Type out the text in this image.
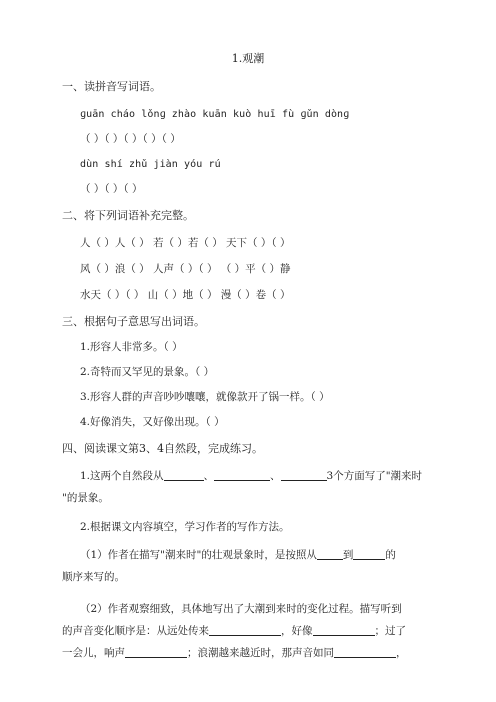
1.观潮
一、读拼音写词语。
ɡuān cháo lǒnɡ zhào kuān kuò huī fù ɡǔn dònɡ
（ ）（ ）（ ）（ ）（ ）
dùn shí zhǔ jiàn yóu rú
（ ）（ ）（ ）
二、将下列词语补充完整。
人（ ）人（ ） 若（ ）若（ ） 天下（ ）（ ）
风（ ）浪（ ） 人声（ ）（ ） （ ）平（ ）静
水天（ ）（ ） 山（ ）地（ ） 漫（ ）卷（ ）
三、根据句子意思写出词语。
1.形容人非常多。（ ）
2.奇特而又罕见的景象。（ ）
3.形容人群的声音吵吵嚷嚷，就像款开了锅一样。（ ）
4.好像消失，又好像出现。（ ）
四、阅读课文第3、4自然段，完成练习。
1.这两个自然段从	、	、	3个方面写了"潮来时
"的景象。
2.根据课文内容填空，学习作者的写作方法。
（1）作者在描写"潮来时"的壮观景象时，是按照从 到	的
顺序来写的。
（2）作者观察细致，具体地写出了大潮到来时的变化过程。描写听到
的声音变化顺序是：从远处传来	，好像	；过了
一会儿，响声	；浪潮越来越近时，那声音如同	，
